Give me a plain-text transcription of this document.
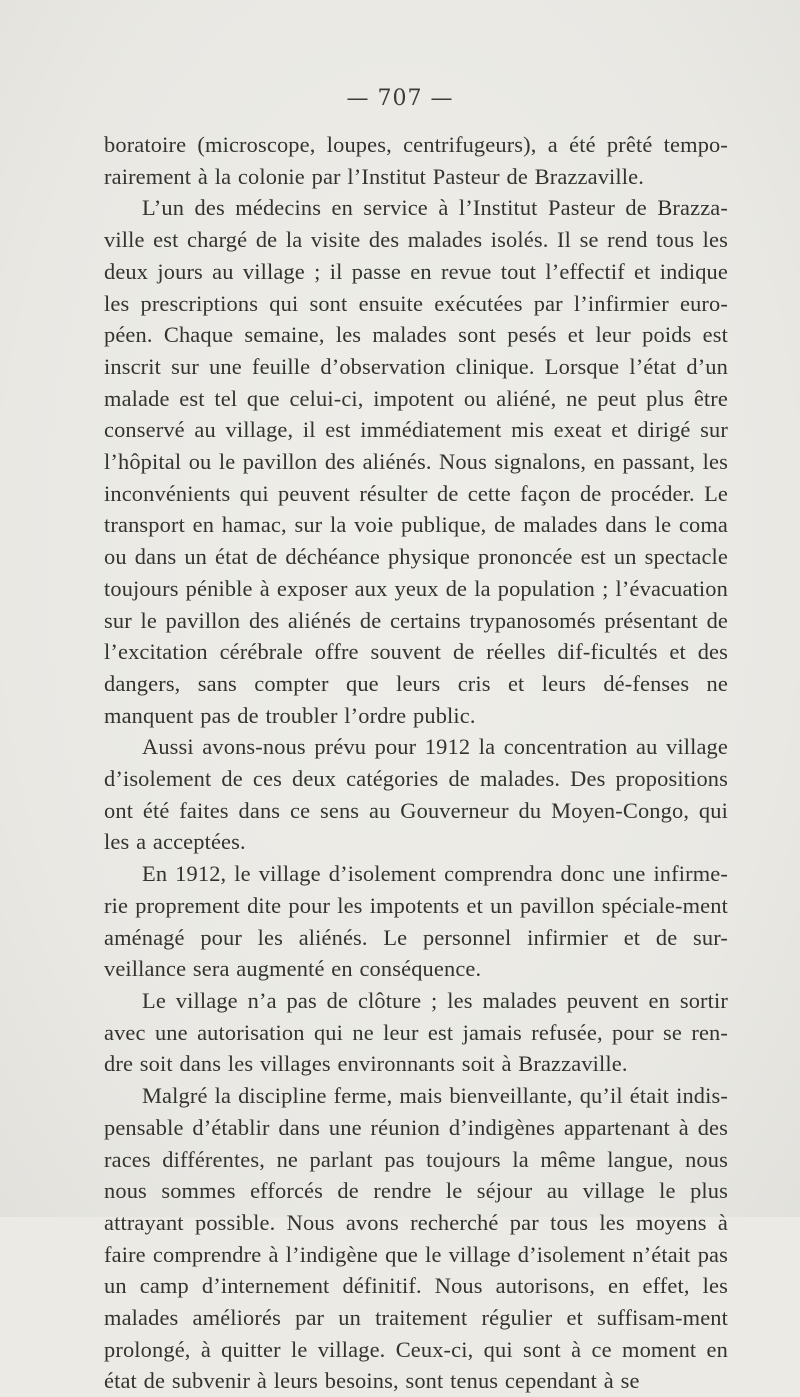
— 707 —

boratoire (microscope, loupes, centrifugeurs), a été prêté tempo-rairement à la colonie par l’Institut Pasteur de Brazzaville.

L’un des médecins en service à l’Institut Pasteur de Brazza-ville est chargé de la visite des malades isolés. Il se rend tous les deux jours au village ; il passe en revue tout l’effectif et indique les prescriptions qui sont ensuite exécutées par l’infirmier euro-péen. Chaque semaine, les malades sont pesés et leur poids est inscrit sur une feuille d’observation clinique. Lorsque l’état d’un malade est tel que celui-ci, impotent ou aliéné, ne peut plus être conservé au village, il est immédiatement mis exeat et dirigé sur l’hôpital ou le pavillon des aliénés. Nous signalons, en passant, les inconvénients qui peuvent résulter de cette façon de procéder. Le transport en hamac, sur la voie publique, de malades dans le coma ou dans un état de déchéance physique prononcée est un spectacle toujours pénible à exposer aux yeux de la population ; l’évacuation sur le pavillon des aliénés de certains trypanosomés présentant de l’excitation cérébrale offre souvent de réelles dif-ficultés et des dangers, sans compter que leurs cris et leurs dé-fenses ne manquent pas de troubler l’ordre public.

Aussi avons-nous prévu pour 1912 la concentration au village d’isolement de ces deux catégories de malades. Des propositions ont été faites dans ce sens au Gouverneur du Moyen-Congo, qui les a acceptées.

En 1912, le village d’isolement comprendra donc une infirme-rie proprement dite pour les impotents et un pavillon spéciale-ment aménagé pour les aliénés. Le personnel infirmier et de sur-veillance sera augmenté en conséquence.

Le village n’a pas de clôture ; les malades peuvent en sortir avec une autorisation qui ne leur est jamais refusée, pour se ren-dre soit dans les villages environnants soit à Brazzaville.

Malgré la discipline ferme, mais bienveillante, qu’il était indis-pensable d’établir dans une réunion d’indigènes appartenant à des races différentes, ne parlant pas toujours la même langue, nous nous sommes efforcés de rendre le séjour au village le plus attrayant possible. Nous avons recherché par tous les moyens à faire comprendre à l’indigène que le village d’isolement n’était pas un camp d’internement définitif. Nous autorisons, en effet, les malades améliorés par un traitement régulier et suffisam-ment prolongé, à quitter le village. Ceux-ci, qui sont à ce moment en état de subvenir à leurs besoins, sont tenus cependant à se
